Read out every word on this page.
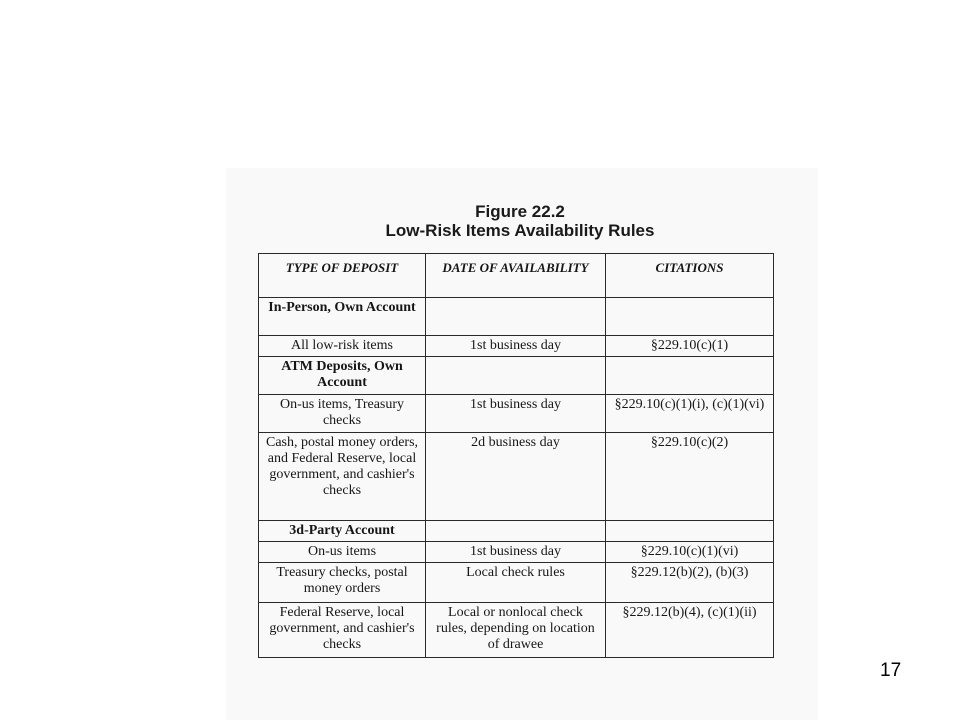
Figure 22.2
Low-Risk Items Availability Rules
TYPE OF DEPOSIT	DATE OF AVAILABILITY	CITATIONS
In-Person, Own Account		
All low-risk items	1st business day	§229.10(c)(1)
ATM Deposits, Own Account		
On-us items, Treasury checks	1st business day	§229.10(c)(1)(i), (c)(1)(vi)
Cash, postal money orders, and Federal Reserve, local government, and cashier's checks	2d business day	§229.10(c)(2)
3d-Party Account		
On-us items	1st business day	§229.10(c)(1)(vi)
Treasury checks, postal money orders	Local check rules	§229.12(b)(2), (b)(3)
Federal Reserve, local government, and cashier's checks	Local or nonlocal check rules, depending on location of drawee	§229.12(b)(4), (c)(1)(ii)
17
